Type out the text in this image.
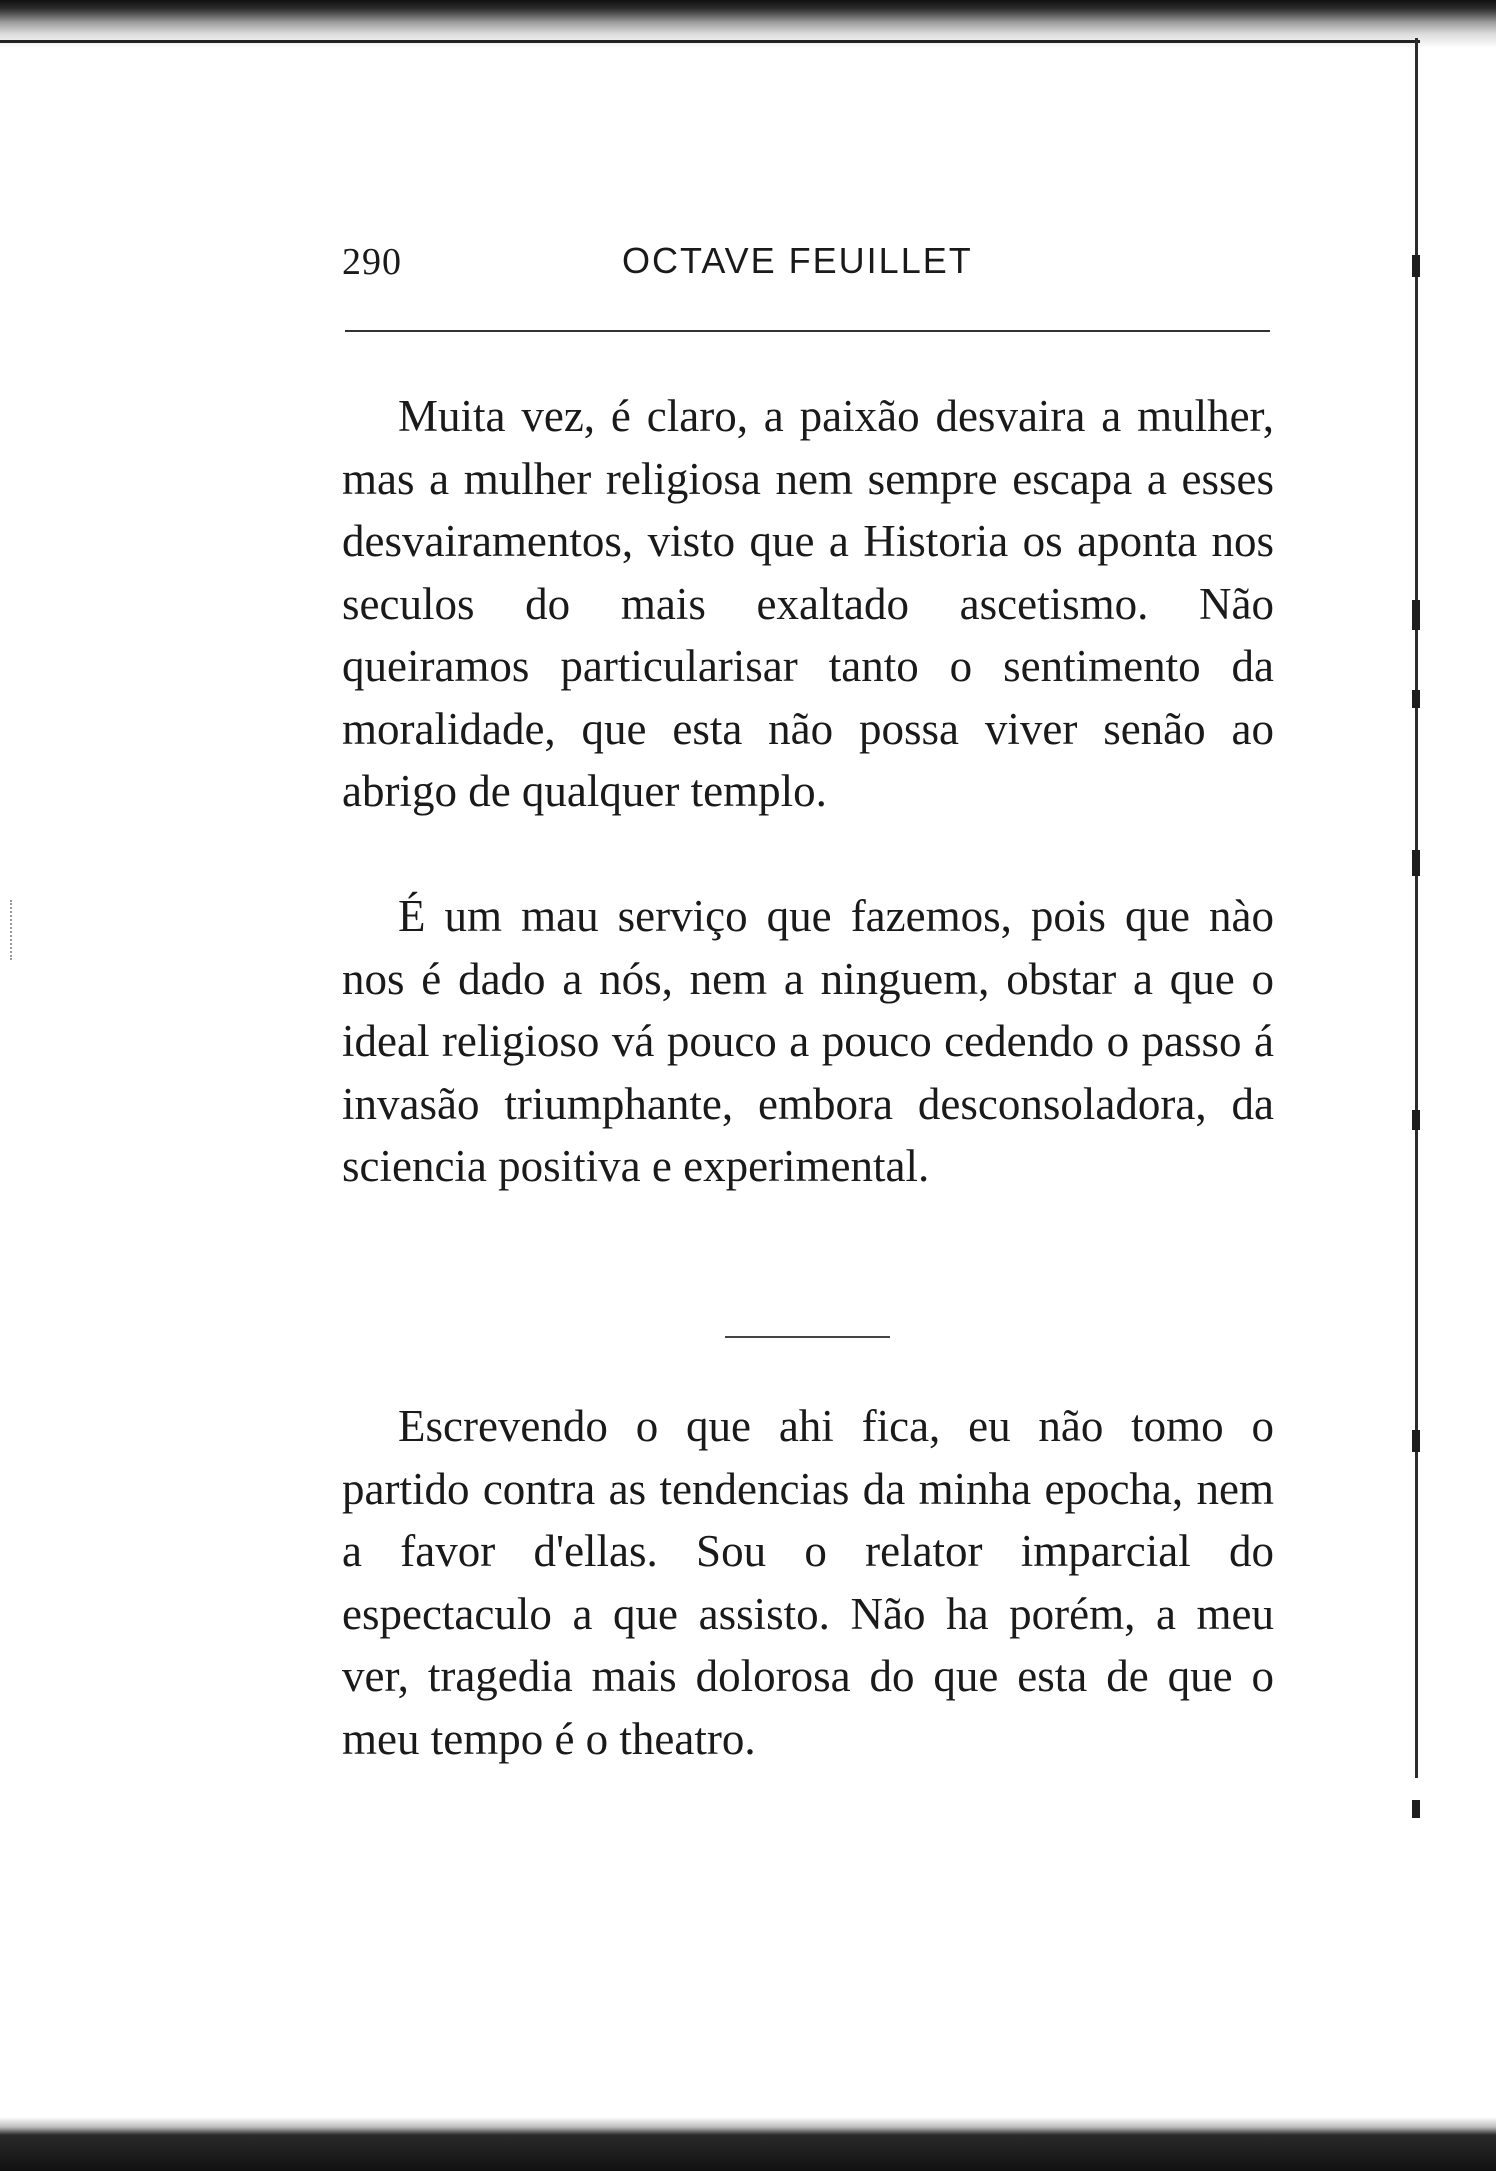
290	OCTAVE FEUILLET

Muita vez, é claro, a paixão desvaira a mulher, mas a mulher religiosa nem sempre escapa a esses desvairamentos, visto que a Historia os aponta nos seculos do mais exaltado ascetismo. Não queiramos particularisar tanto o sentimento da moralidade, que esta não possa viver senão ao abrigo de qualquer templo.

É um mau serviço que fazemos, pois que nào nos é dado a nós, nem a ninguem, obstar a que o ideal religioso vá pouco a pouco cedendo o passo á invasão triumphante, embora desconsoladora, da sciencia positiva e experimental.

Escrevendo o que ahi fica, eu não tomo o partido contra as tendencias da minha epocha, nem a favor d'ellas. Sou o relator imparcial do espectaculo a que assisto. Não ha porém, a meu ver, tragedia mais dolorosa do que esta de que o meu tempo é o theatro.
